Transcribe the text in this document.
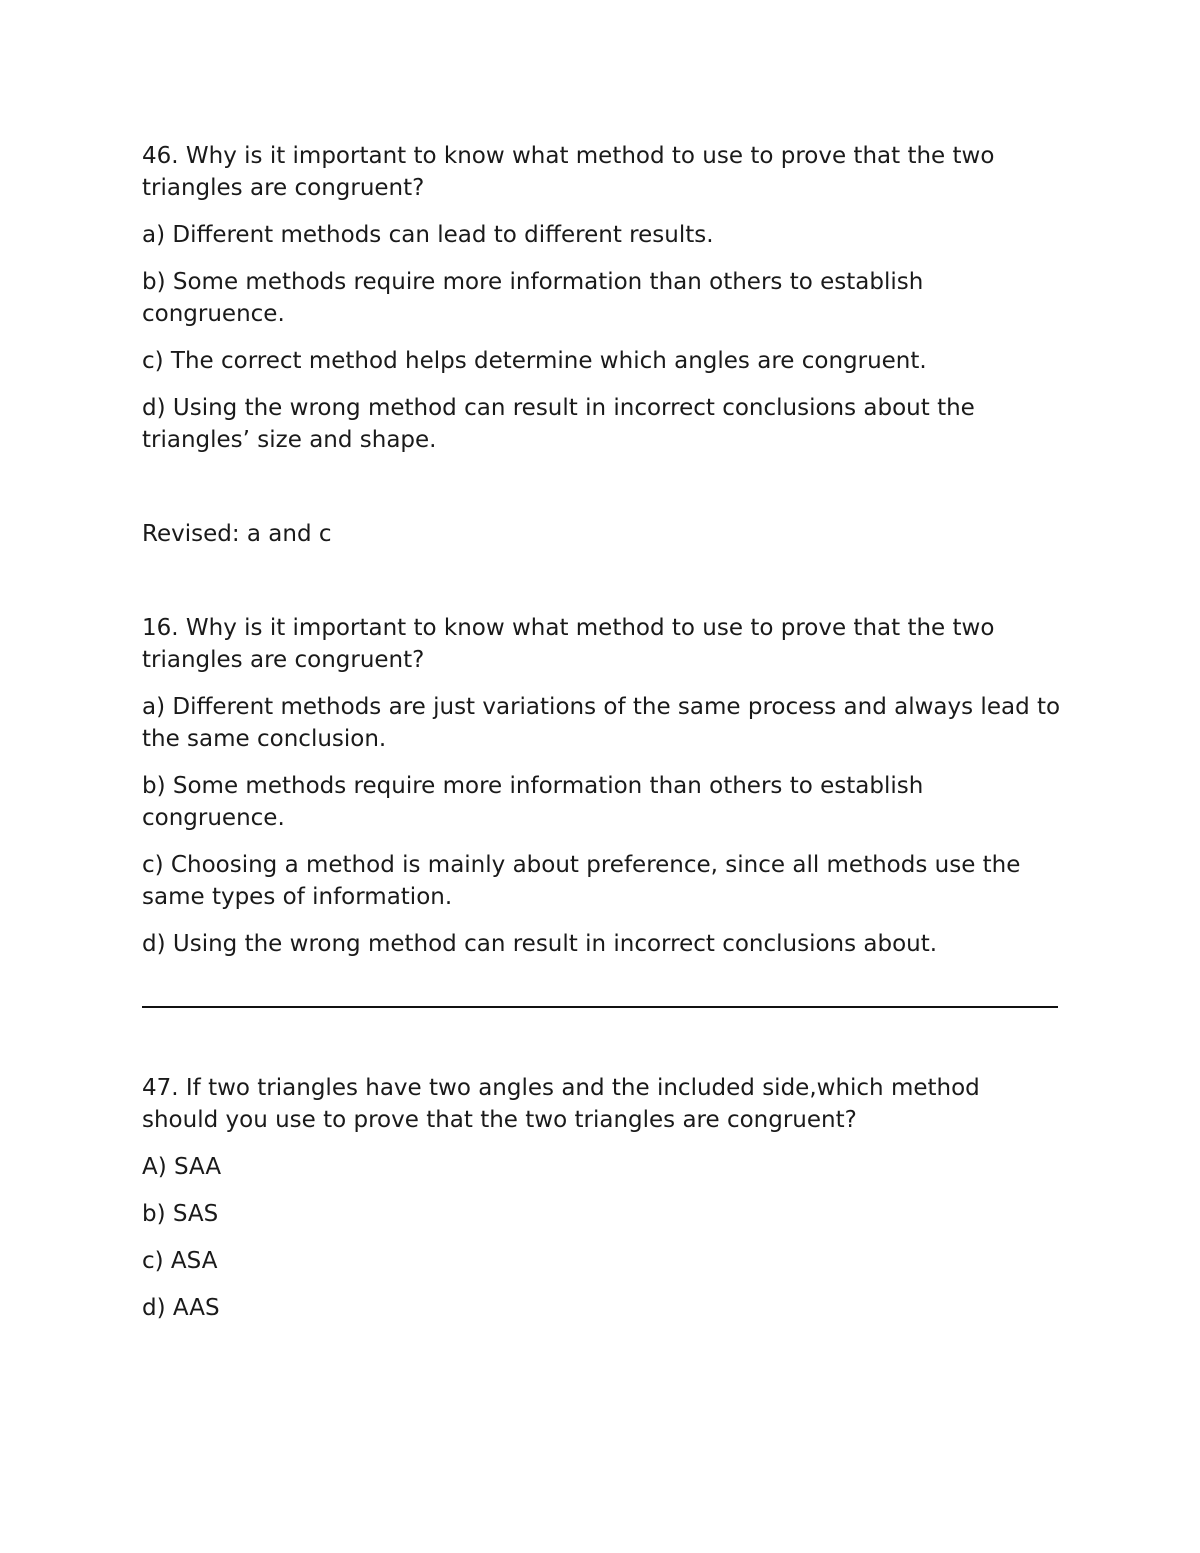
46. Why is it important to know what method to use to prove that the two triangles are congruent?

a) Different methods can lead to different results.

b) Some methods require more information than others to establish congruence.

c) The correct method helps determine which angles are congruent.

d) Using the wrong method can result in incorrect conclusions about the triangles’ size and shape.

Revised: a and c

16. Why is it important to know what method to use to prove that the two triangles are congruent?

a) Different methods are just variations of the same process and always lead to the same conclusion.

b) Some methods require more information than others to establish congruence.

c) Choosing a method is mainly about preference, since all methods use the same types of information.

d) Using the wrong method can result in incorrect conclusions about.

47. If two triangles have two angles and the included side,which method should you use to prove that the two triangles are congruent?

A) SAA

b) SAS

c) ASA

d) AAS
